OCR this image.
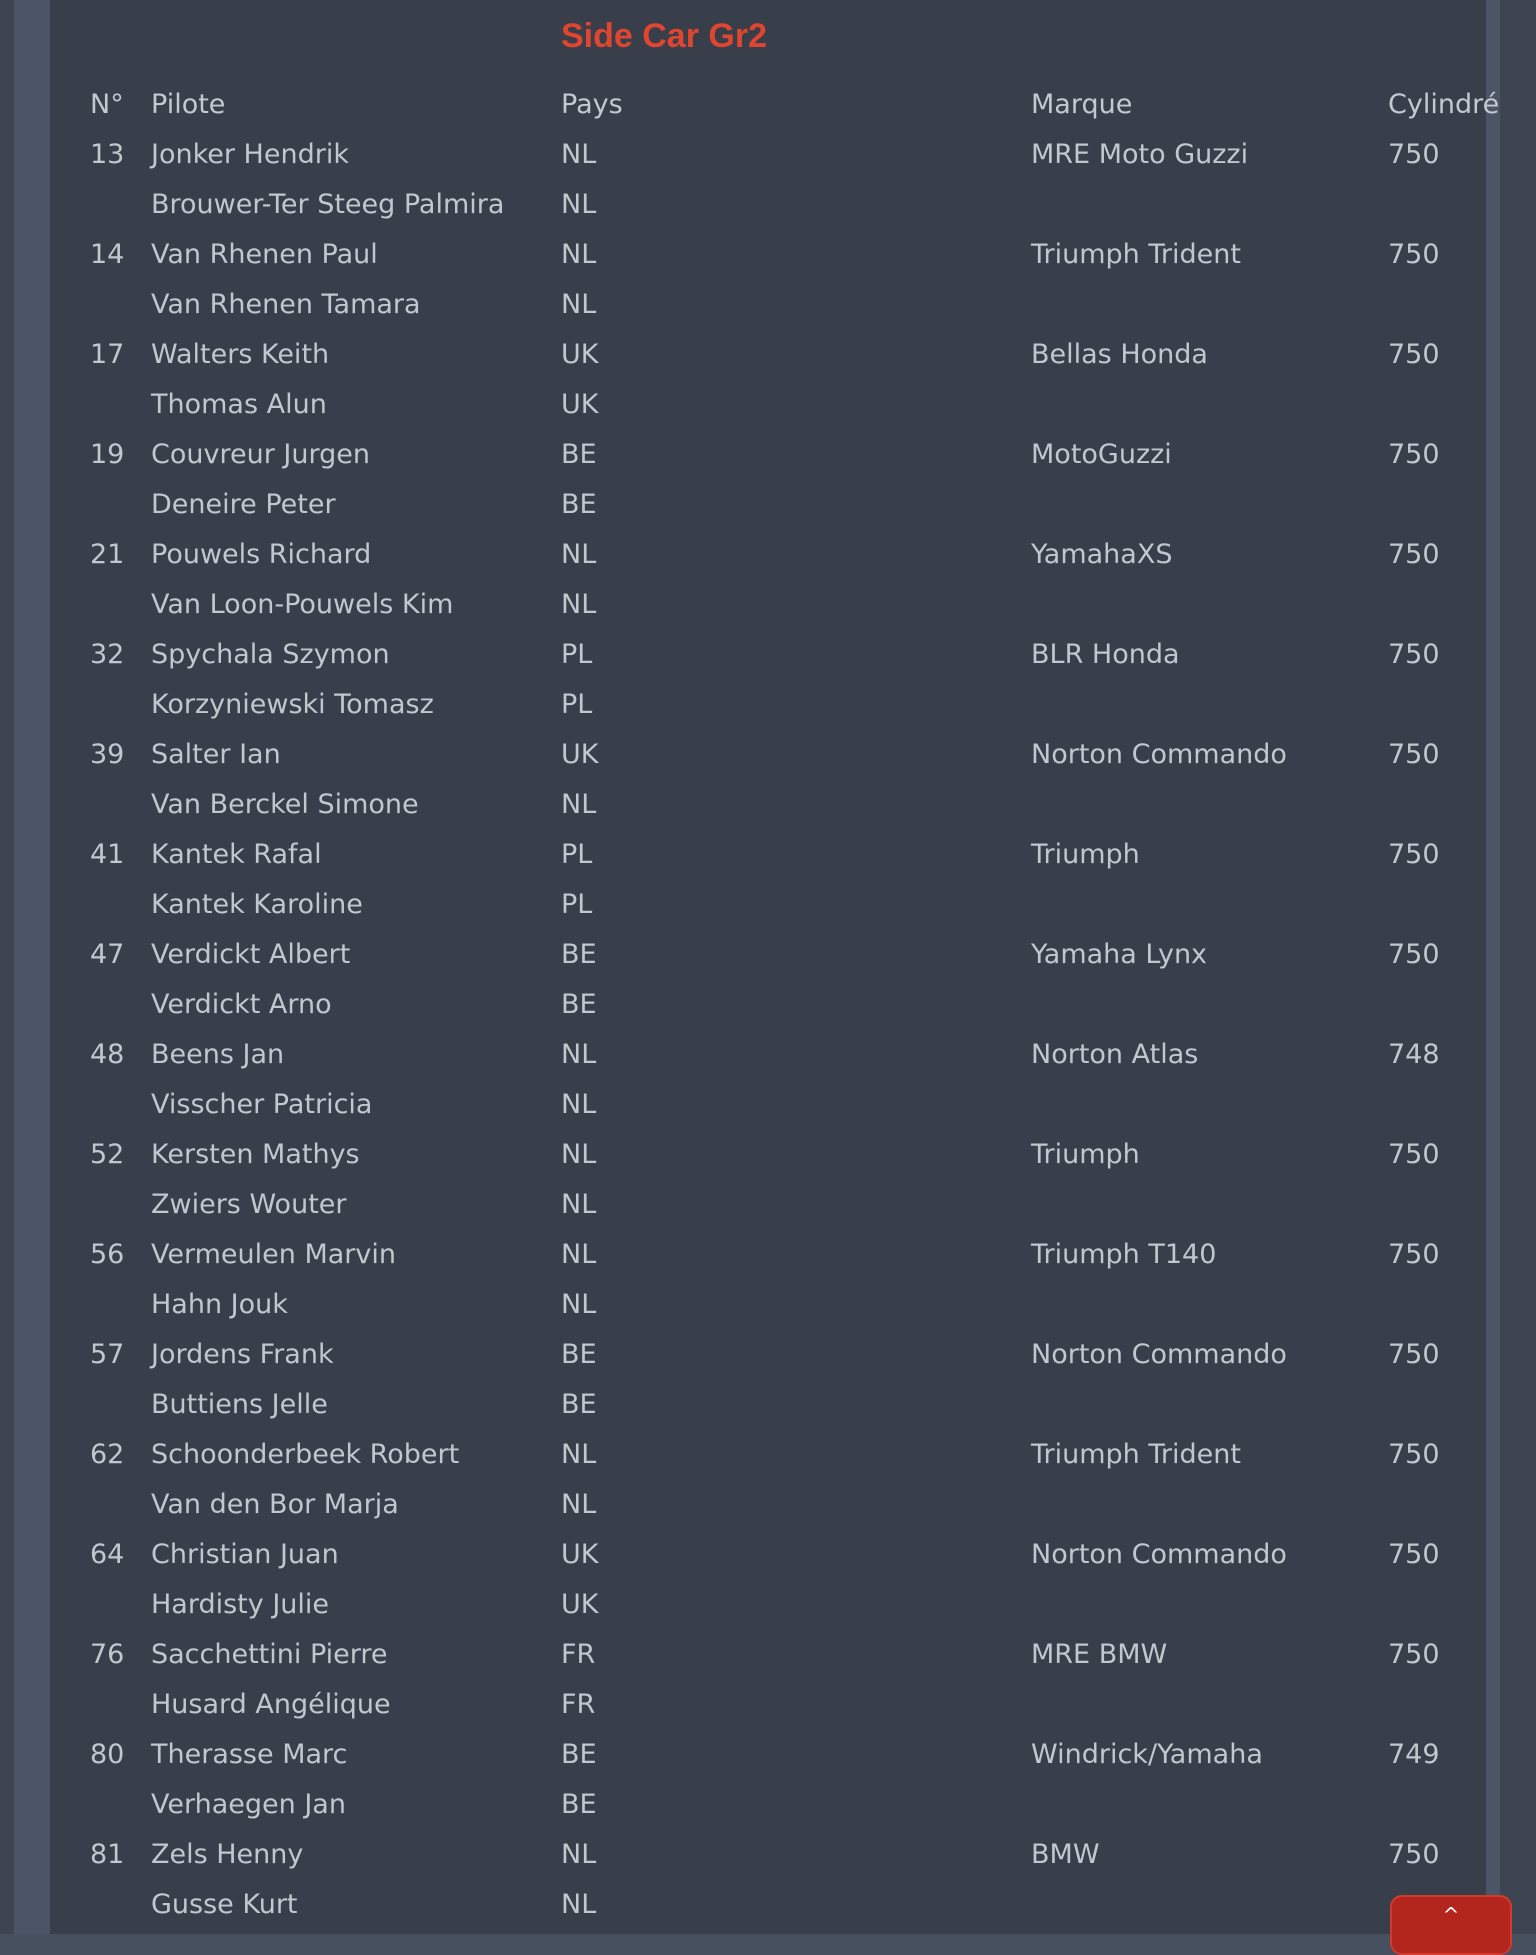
Side Car Gr2
N° Pilote	Pays	Marque	Cylindré
13 Jonker Hendrik	NL	MRE Moto Guzzi	750
Brouwer-Ter Steeg Palmira NL
14 Van Rhenen Paul	NL	Triumph Trident	750
Van Rhenen Tamara	NL
17 Walters Keith	UK	Bellas Honda	750
Thomas Alun	UK
19 Couvreur Jurgen	BE	MotoGuzzi	750
Deneire Peter	BE
21 Pouwels Richard	NL	YamahaXS	750
Van Loon-Pouwels Kim	NL
32 Spychala Szymon	PL	BLR Honda	750
Korzyniewski Tomasz	PL
39 Salter Ian	UK	Norton Commando	750
Van Berckel Simone	NL
41 Kantek Rafal	PL	Triumph	750
Kantek Karoline	PL
47 Verdickt Albert	BE	Yamaha Lynx	750
Verdickt Arno	BE
48 Beens Jan	NL	Norton Atlas	748
Visscher Patricia	NL
52 Kersten Mathys	NL	Triumph	750
Zwiers Wouter	NL
56 Vermeulen Marvin	NL	Triumph T140	750
Hahn Jouk	NL
57 Jordens Frank	BE	Norton Commando	750
Buttiens Jelle	BE
62 Schoonderbeek Robert	NL	Triumph Trident	750
Van den Bor Marja	NL
64 Christian Juan	UK	Norton Commando	750
Hardisty Julie	UK
76 Sacchettini Pierre	FR	MRE BMW	750
Husard Angélique	FR
80 Therasse Marc	BE	Windrick/Yamaha	749
Verhaegen Jan	BE
81 Zels Henny	NL	BMW	750
Gusse Kurt	NL	^
